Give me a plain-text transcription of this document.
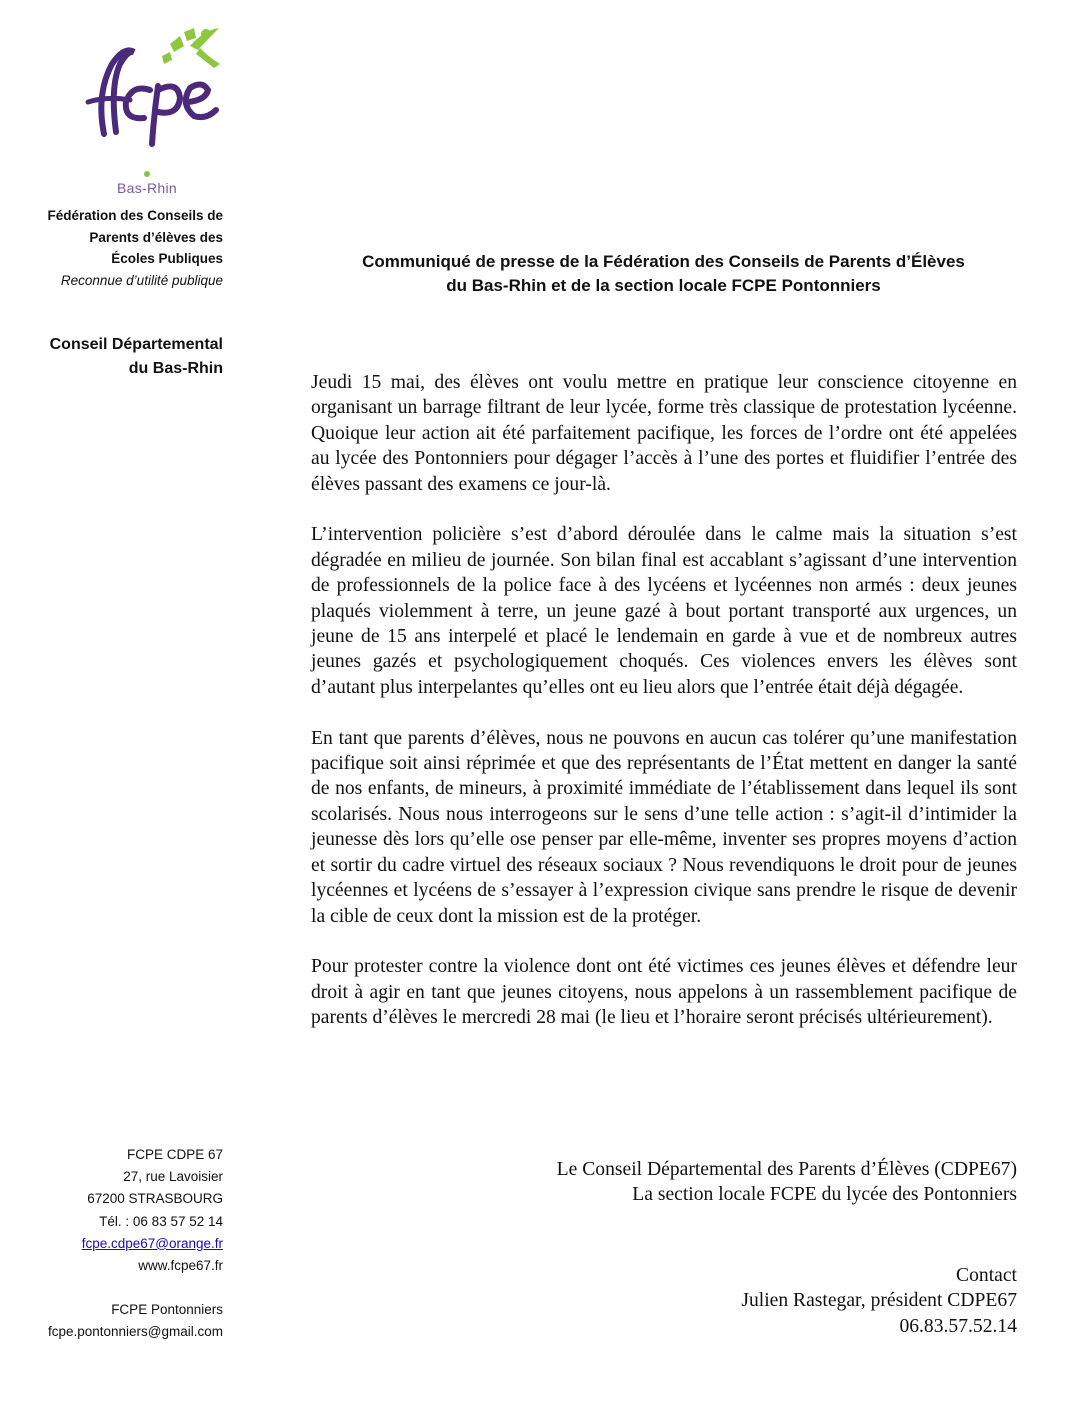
Bas-Rhin
Fédération des Conseils de
Parents d’élèves des
Écoles Publiques
Reconnue d’utilité publique
Conseil Départemental
du Bas-Rhin
Communiqué de presse de la Fédération des Conseils de Parents d’Élèves
du Bas-Rhin et de la section locale FCPE Pontonniers

Jeudi 15 mai, des élèves ont voulu mettre en pratique leur conscience citoyenne en organisant un barrage filtrant de leur lycée, forme très classique de protestation lycéenne. Quoique leur action ait été parfaitement pacifique, les forces de l’ordre ont été appelées au lycée des Pontonniers pour dégager l’accès à l’une des portes et fluidifier l’entrée des élèves passant des examens ce jour-là.

L’intervention policière s’est d’abord déroulée dans le calme mais la situation s’est dégradée en milieu de journée. Son bilan final est accablant s’agissant d’une intervention de professionnels de la police face à des lycéens et lycéennes non armés : deux jeunes plaqués violemment à terre, un jeune gazé à bout portant transporté aux urgences, un jeune de 15 ans interpelé et placé le lendemain en garde à vue et de nombreux autres jeunes gazés et psychologiquement choqués. Ces violences envers les élèves sont d’autant plus interpelantes qu’elles ont eu lieu alors que l’entrée était déjà dégagée.

En tant que parents d’élèves, nous ne pouvons en aucun cas tolérer qu’une manifestation pacifique soit ainsi réprimée et que des représentants de l’État mettent en danger la santé de nos enfants, de mineurs, à proximité immédiate de l’établissement dans lequel ils sont scolarisés. Nous nous interrogeons sur le sens d’une telle action : s’agit-il d’intimider la jeunesse dès lors qu’elle ose penser par elle-même, inventer ses propres moyens d’action et sortir du cadre virtuel des réseaux sociaux ? Nous revendiquons le droit pour de jeunes lycéennes et lycéens de s’essayer à l’expression civique sans prendre le risque de devenir la cible de ceux dont la mission est de la protéger.

Pour protester contre la violence dont ont été victimes ces jeunes élèves et défendre leur droit à agir en tant que jeunes citoyens, nous appelons à un rassemblement pacifique de parents d’élèves le mercredi 28 mai (le lieu et l’horaire seront précisés ultérieurement).

Le Conseil Départemental des Parents d’Élèves (CDPE67)
La section locale FCPE du lycée des Pontonniers
Contact
Julien Rastegar, président CDPE67
06.83.57.52.14
FCPE CDPE 67
27, rue Lavoisier
67200 STRASBOURG
Tél. : 06 83 57 52 14
fcpe.cdpe67@orange.fr
www.fcpe67.fr
FCPE Pontonniers
fcpe.pontonniers@gmail.com
